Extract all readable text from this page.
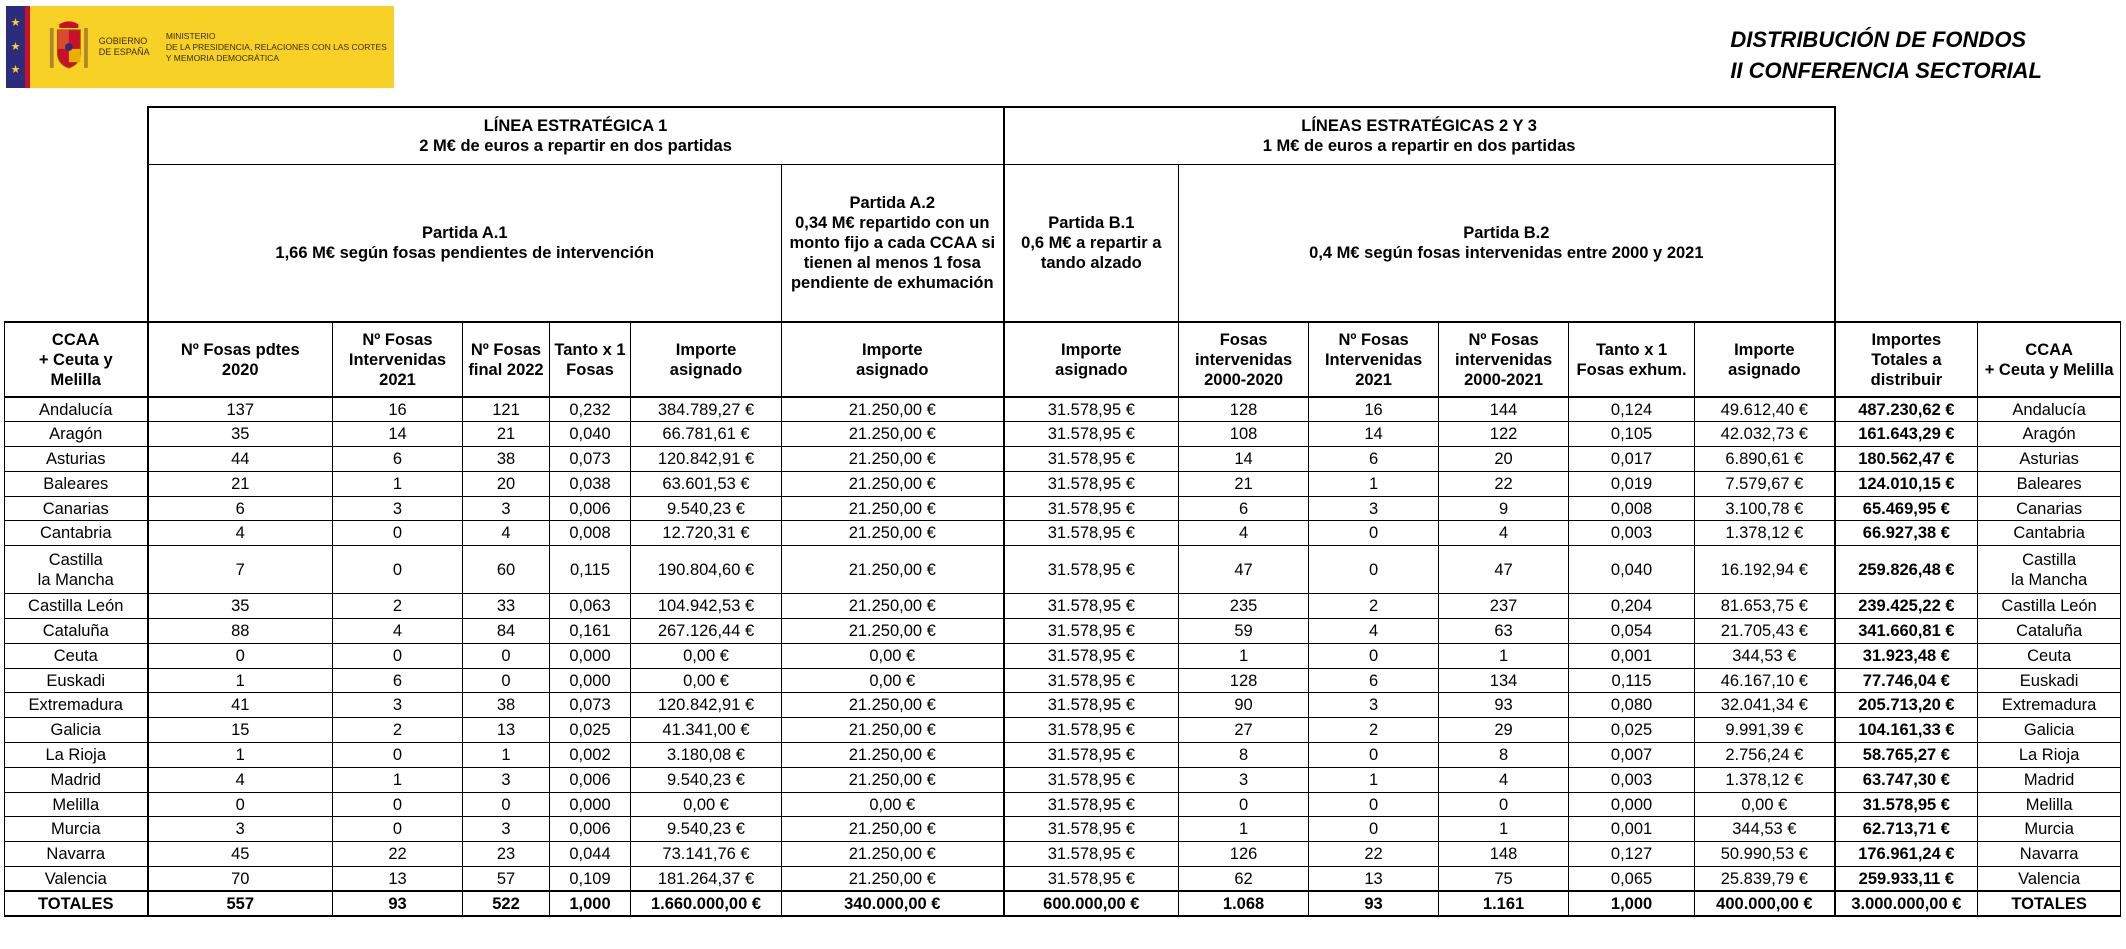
★
★
★
GOBIERNO
DE ESPAÑA
MINISTERIO
DE LA PRESIDENCIA, RELACIONES CON LAS CORTES
Y MEMORIA DEMOCRÁTICA
DISTRIBUCIÓN DE FONDOS
II CONFERENCIA SECTORIAL

	LÍNEA ESTRATÉGICA 1
2 M€ de euros a repartir en dos partidas						LÍNEAS ESTRATÉGICAS 2 Y 3
1 M€ de euros a repartir en dos partidas							

	Partida A.1
1,66 M€ según fosas pendientes de intervención					Partida A.2
0,34 M€ repartido con un
monto fijo a cada CCAA si
tienen al menos 1 fosa
pendiente de exhumación	Partida B.1
0,6 M€ a repartir a
tando alzado	Partida B.2
0,4 M€ según fosas intervenidas entre 2000 y 2021						

CCAA
+ Ceuta y
Melilla	Nº Fosas pdtes
2020	Nº Fosas
Intervenidas
2021	Nº Fosas
final 2022	Tanto x 1
Fosas	Importe
asignado	Importe
asignado	Importe
asignado	Fosas
intervenidas
2000-2020	Nº Fosas
Intervenidas
2021	Nº Fosas
intervenidas
2000-2021	Tanto x 1
Fosas exhum.	Importe
asignado	Importes
Totales a
distribuir	CCAA
+ Ceuta y Melilla

Andalucía	137	16	121	0,232	384.789,27 €	21.250,00 €	31.578,95 €	128	16	144	0,124	49.612,40 €	487.230,62 €	Andalucía

Aragón	35	14	21	0,040	66.781,61 €	21.250,00 €	31.578,95 €	108	14	122	0,105	42.032,73 €	161.643,29 €	Aragón

Asturias	44	6	38	0,073	120.842,91 €	21.250,00 €	31.578,95 €	14	6	20	0,017	6.890,61 €	180.562,47 €	Asturias

Baleares	21	1	20	0,038	63.601,53 €	21.250,00 €	31.578,95 €	21	1	22	0,019	7.579,67 €	124.010,15 €	Baleares

Canarias	6	3	3	0,006	9.540,23 €	21.250,00 €	31.578,95 €	6	3	9	0,008	3.100,78 €	65.469,95 €	Canarias

Cantabria	4	0	4	0,008	12.720,31 €	21.250,00 €	31.578,95 €	4	0	4	0,003	1.378,12 €	66.927,38 €	Cantabria

Castilla
la Mancha	7	0	60	0,115	190.804,60 €	21.250,00 €	31.578,95 €	47	0	47	0,040	16.192,94 €	259.826,48 €	Castilla
la Mancha

Castilla León	35	2	33	0,063	104.942,53 €	21.250,00 €	31.578,95 €	235	2	237	0,204	81.653,75 €	239.425,22 €	Castilla León

Cataluña	88	4	84	0,161	267.126,44 €	21.250,00 €	31.578,95 €	59	4	63	0,054	21.705,43 €	341.660,81 €	Cataluña

Ceuta	0	0	0	0,000	0,00 €	0,00 €	31.578,95 €	1	0	1	0,001	344,53 €	31.923,48 €	Ceuta

Euskadi	1	6	0	0,000	0,00 €	0,00 €	31.578,95 €	128	6	134	0,115	46.167,10 €	77.746,04 €	Euskadi

Extremadura	41	3	38	0,073	120.842,91 €	21.250,00 €	31.578,95 €	90	3	93	0,080	32.041,34 €	205.713,20 €	Extremadura

Galicia	15	2	13	0,025	41.341,00 €	21.250,00 €	31.578,95 €	27	2	29	0,025	9.991,39 €	104.161,33 €	Galicia

La Rioja	1	0	1	0,002	3.180,08 €	21.250,00 €	31.578,95 €	8	0	8	0,007	2.756,24 €	58.765,27 €	La Rioja

Madrid	4	1	3	0,006	9.540,23 €	21.250,00 €	31.578,95 €	3	1	4	0,003	1.378,12 €	63.747,30 €	Madrid

Melilla	0	0	0	0,000	0,00 €	0,00 €	31.578,95 €	0	0	0	0,000	0,00 €	31.578,95 €	Melilla

Murcia	3	0	3	0,006	9.540,23 €	21.250,00 €	31.578,95 €	1	0	1	0,001	344,53 €	62.713,71 €	Murcia

Navarra	45	22	23	0,044	73.141,76 €	21.250,00 €	31.578,95 €	126	22	148	0,127	50.990,53 €	176.961,24 €	Navarra

Valencia	70	13	57	0,109	181.264,37 €	21.250,00 €	31.578,95 €	62	13	75	0,065	25.839,79 €	259.933,11 €	Valencia

TOTALES	557	93	522	1,000	1.660.000,00 €	340.000,00 €	600.000,00 €	1.068	93	1.161	1,000	400.000,00 €	3.000.000,00 €	TOTALES
